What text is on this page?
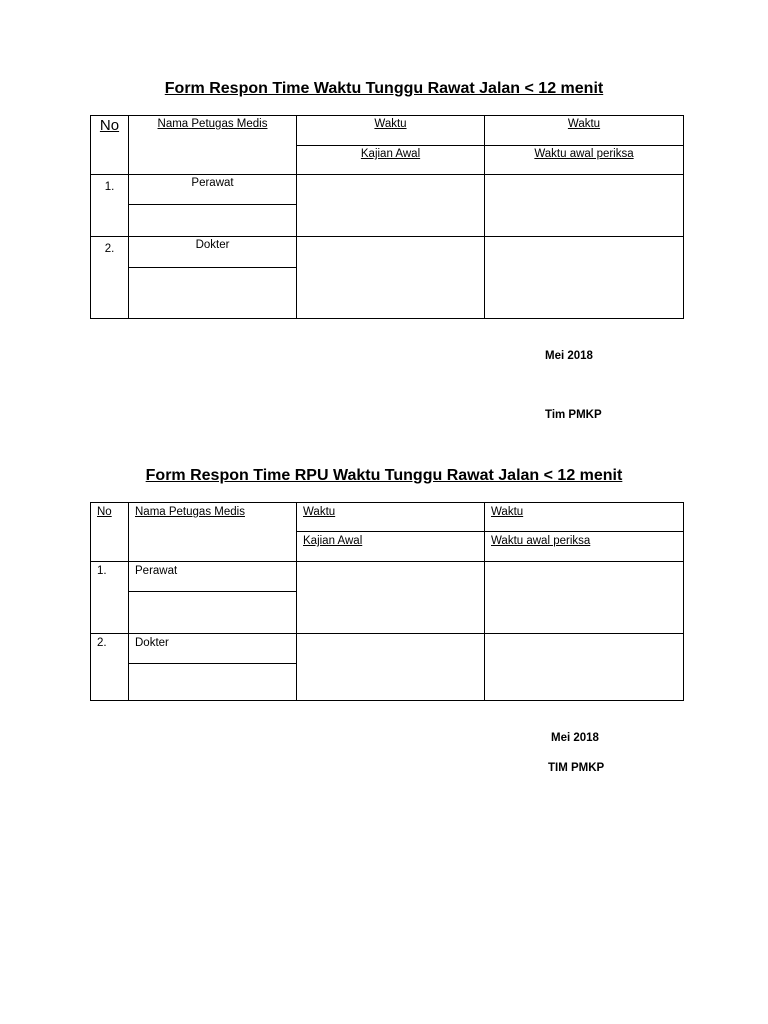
Form Respon Time Waktu Tunggu Rawat Jalan < 12 menit
No	Nama Petugas Medis	Waktu	Waktu
		Kajian Awal	Waktu awal periksa
1.	Perawat		

2.	Dokter		

Mei 2018
Tim PMKP
Form Respon Time RPU Waktu Tunggu Rawat Jalan < 12 menit
No	Nama Petugas Medis	Waktu	Waktu
		Kajian Awal	Waktu awal periksa
1.	Perawat		

2.	Dokter		

Mei 2018
TIM PMKP
